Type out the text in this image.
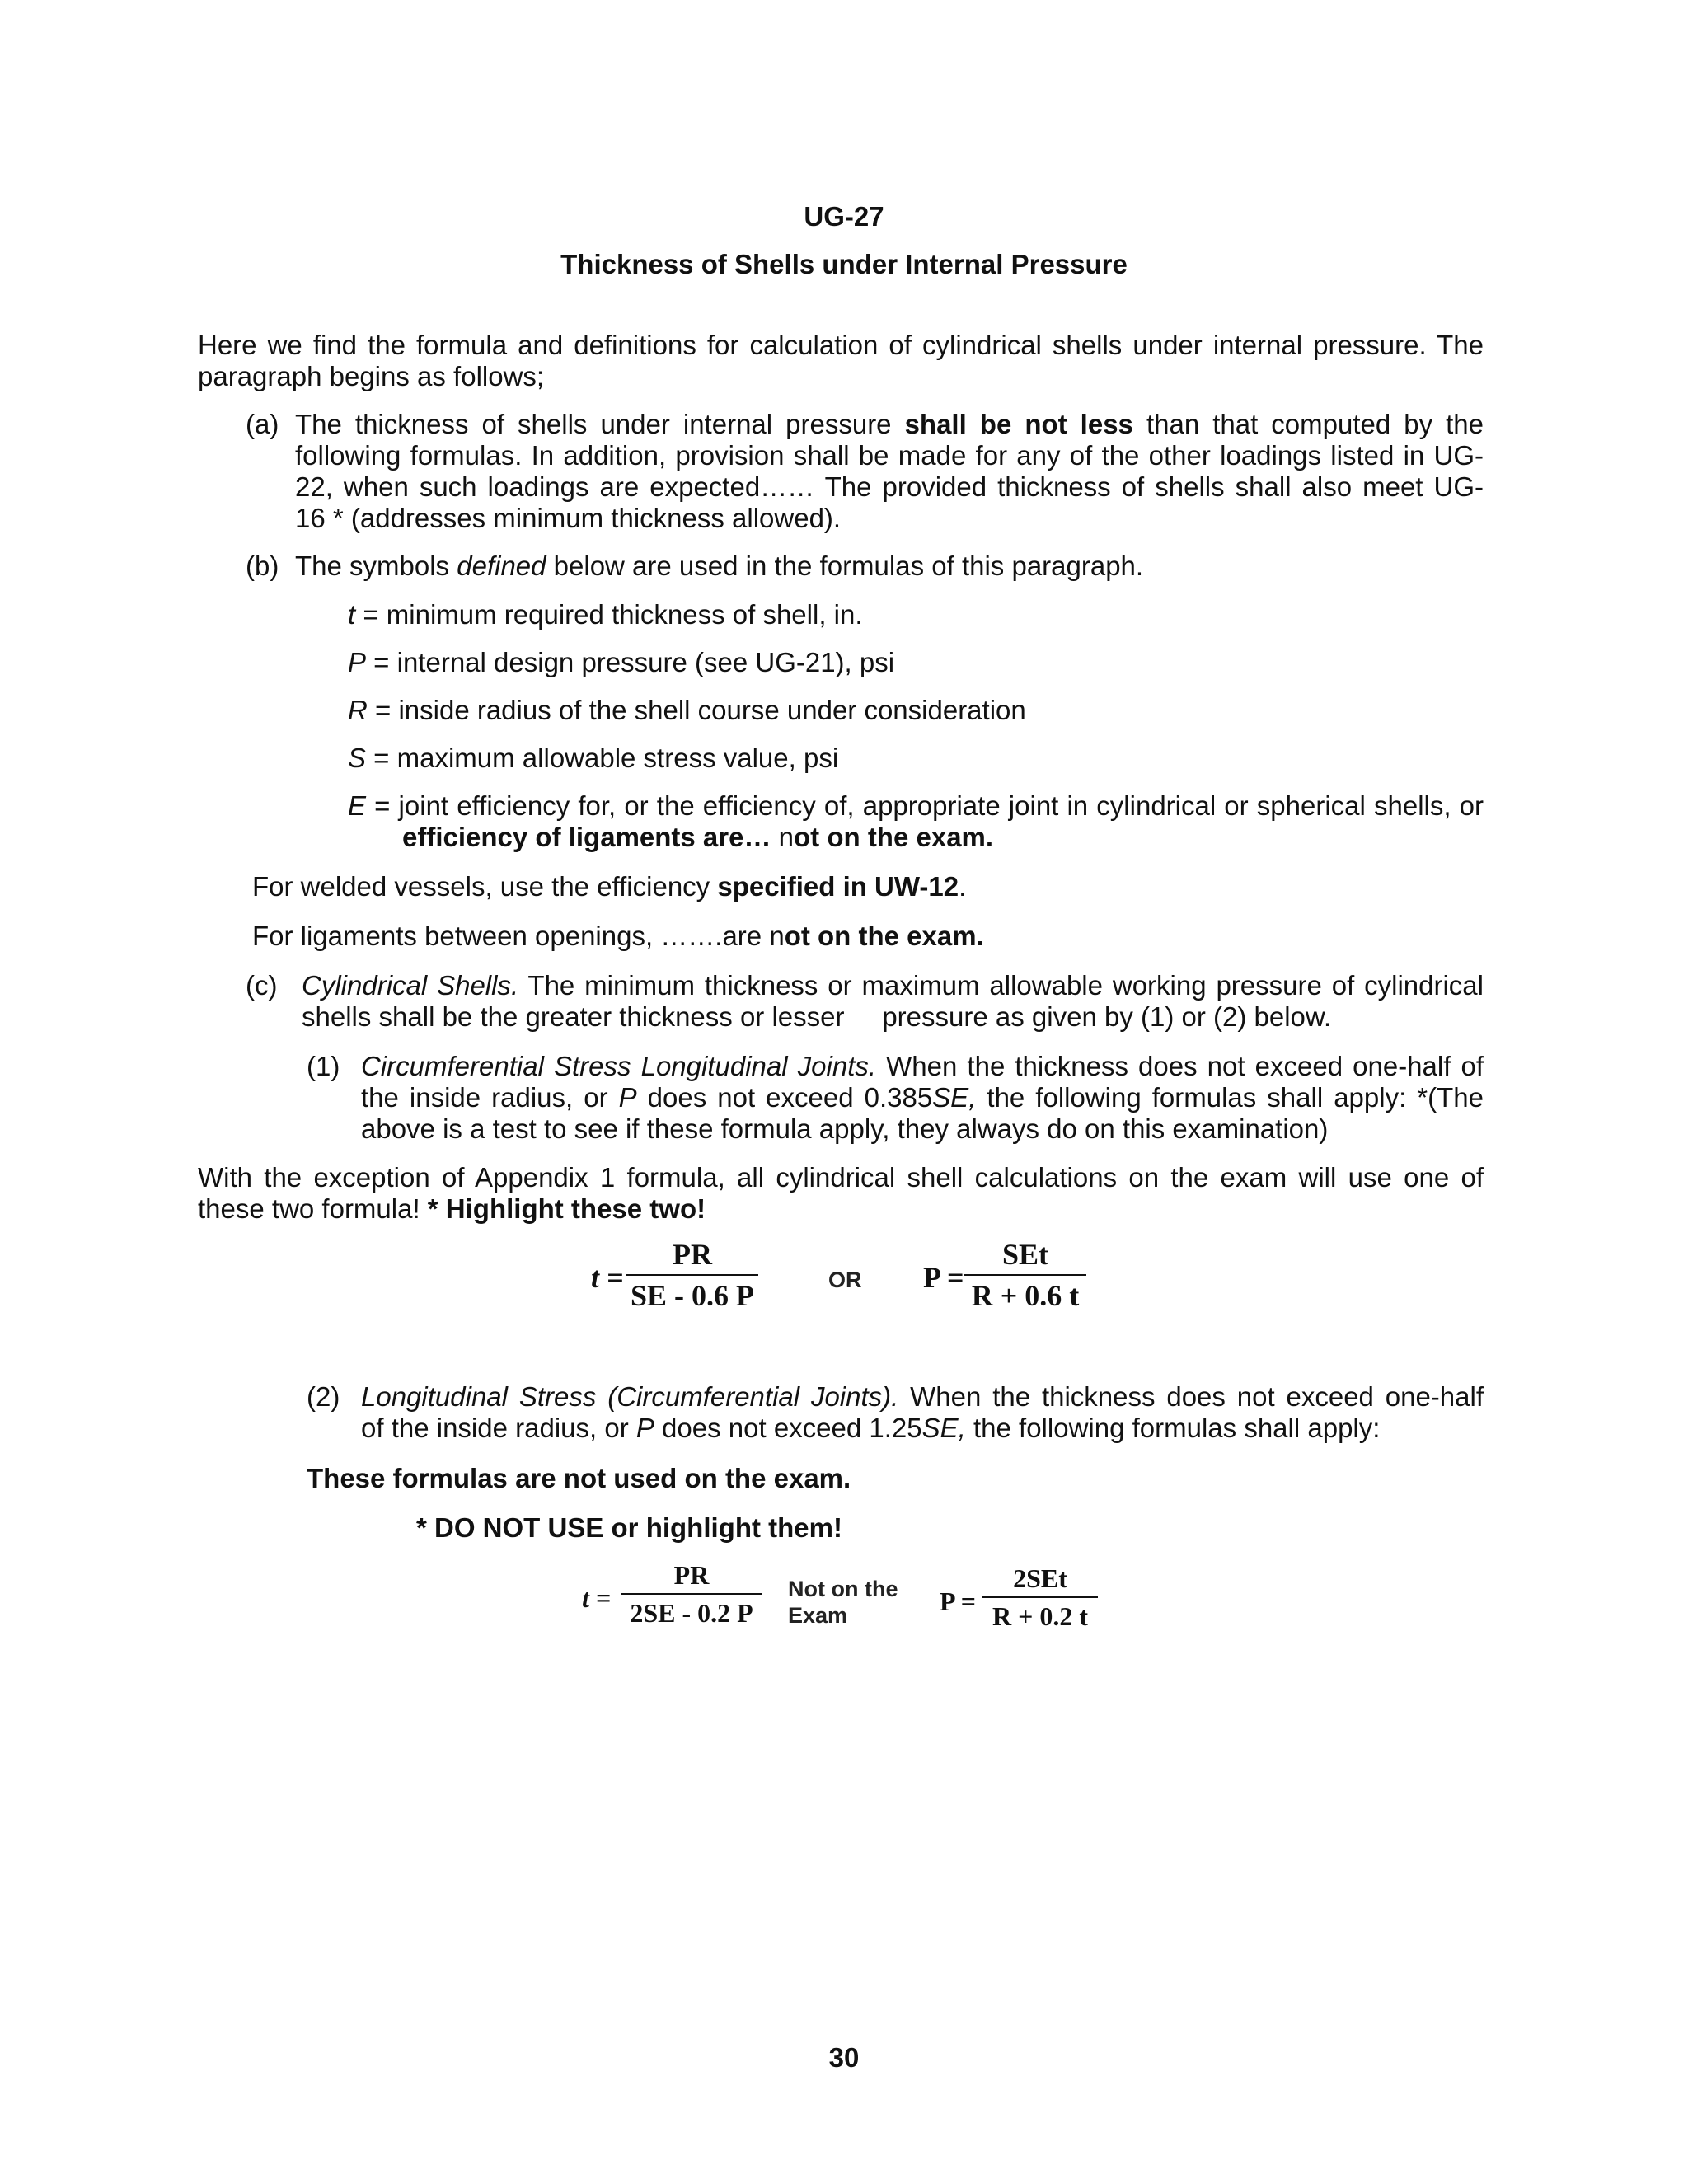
UG-27
Thickness of Shells under Internal Pressure
Here we find the formula and definitions for calculation of cylindrical shells under internal pressure. The
paragraph begins as follows;
(a) The thickness of shells under internal pressure shall be not less than that computed by the
following formulas. In addition, provision shall be made for any of the other loadings listed in UG-
22, when such loadings are expected…… The provided thickness of shells shall also meet UG-
16 * (addresses minimum thickness allowed).
(b) The symbols defined below are used in the formulas of this paragraph.
t = minimum required thickness of shell, in.
P = internal design pressure (see UG-21), psi
R = inside radius of the shell course under consideration
S = maximum allowable stress value, psi
E = joint efficiency for, or the efficiency of, appropriate joint in cylindrical or spherical shells, or
efficiency of ligaments are… not on the exam.
For welded vessels, use the efficiency specified in UW-12.
For ligaments between openings, …….are not on the exam.
(c) Cylindrical Shells. The minimum thickness or maximum allowable working pressure of cylindrical
shells shall be the greater thickness or lesser     pressure as given by (1) or (2) below.
(1) Circumferential Stress Longitudinal Joints. When the thickness does not exceed one-half of
the inside radius, or P does not exceed 0.385SE, the following formulas shall apply: *(The
above is a test to see if these formula apply, they always do on this examination)
With the exception of Appendix 1 formula, all cylindrical shell calculations on the exam will use one of
these two formula! * Highlight these two!
t =
PR
SE - 0.6 P	OR P =
SEt
R + 0.6 t
(2) Longitudinal Stress (Circumferential Joints). When the thickness does not exceed one-half
of the inside radius, or P does not exceed 1.25SE, the following formulas shall apply:
These formulas are not used on the exam.
* DO NOT USE or highlight them!
t =
PR
2SE - 0.2 P
Not on the
Exam	P =
2SEt
R + 0.2 t
30
